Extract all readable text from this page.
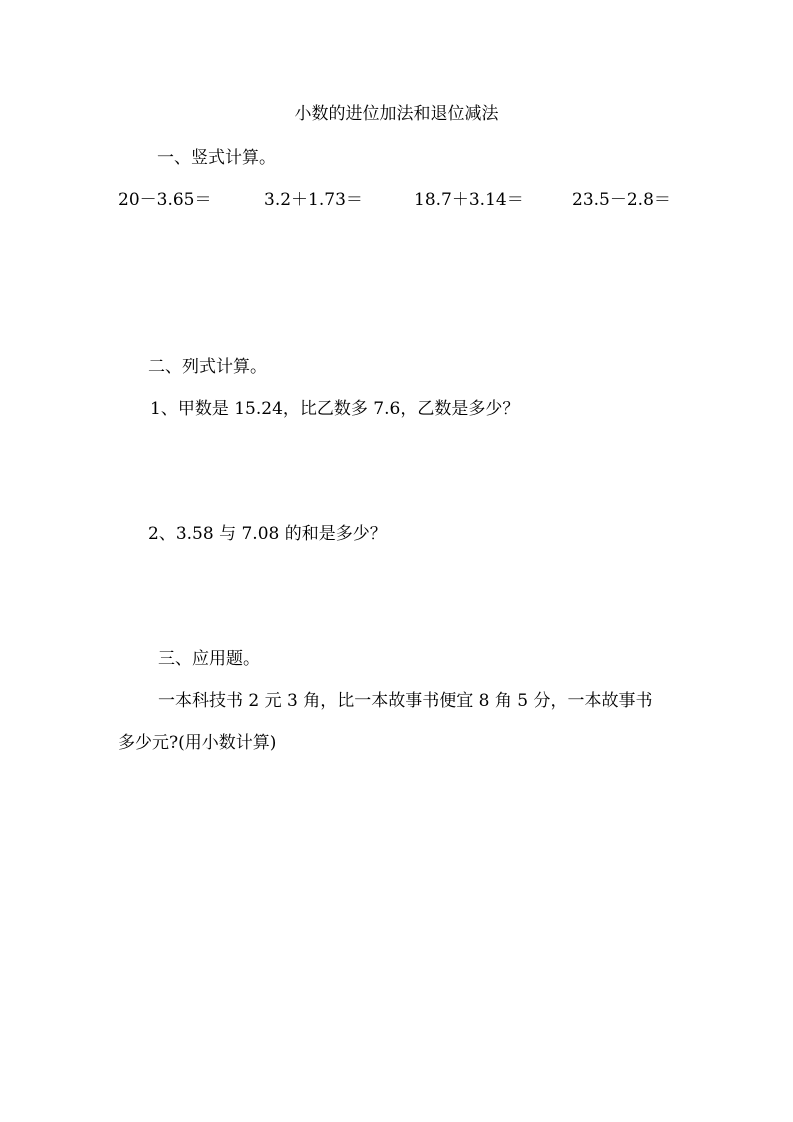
小数的进位加法和退位减法
一、竖式计算。
20－3.65＝	3.2＋1.73＝	18.7＋3.14＝	23.5－2.8＝
二、列式计算。
1、甲数是 15.24，比乙数多 7.6，乙数是多少？
2、3.58 与 7.08 的和是多少？
三、应用题。
一本科技书 2 元 3 角，比一本故事书便宜 8 角 5 分，一本故事书
多少元?(用小数计算)
